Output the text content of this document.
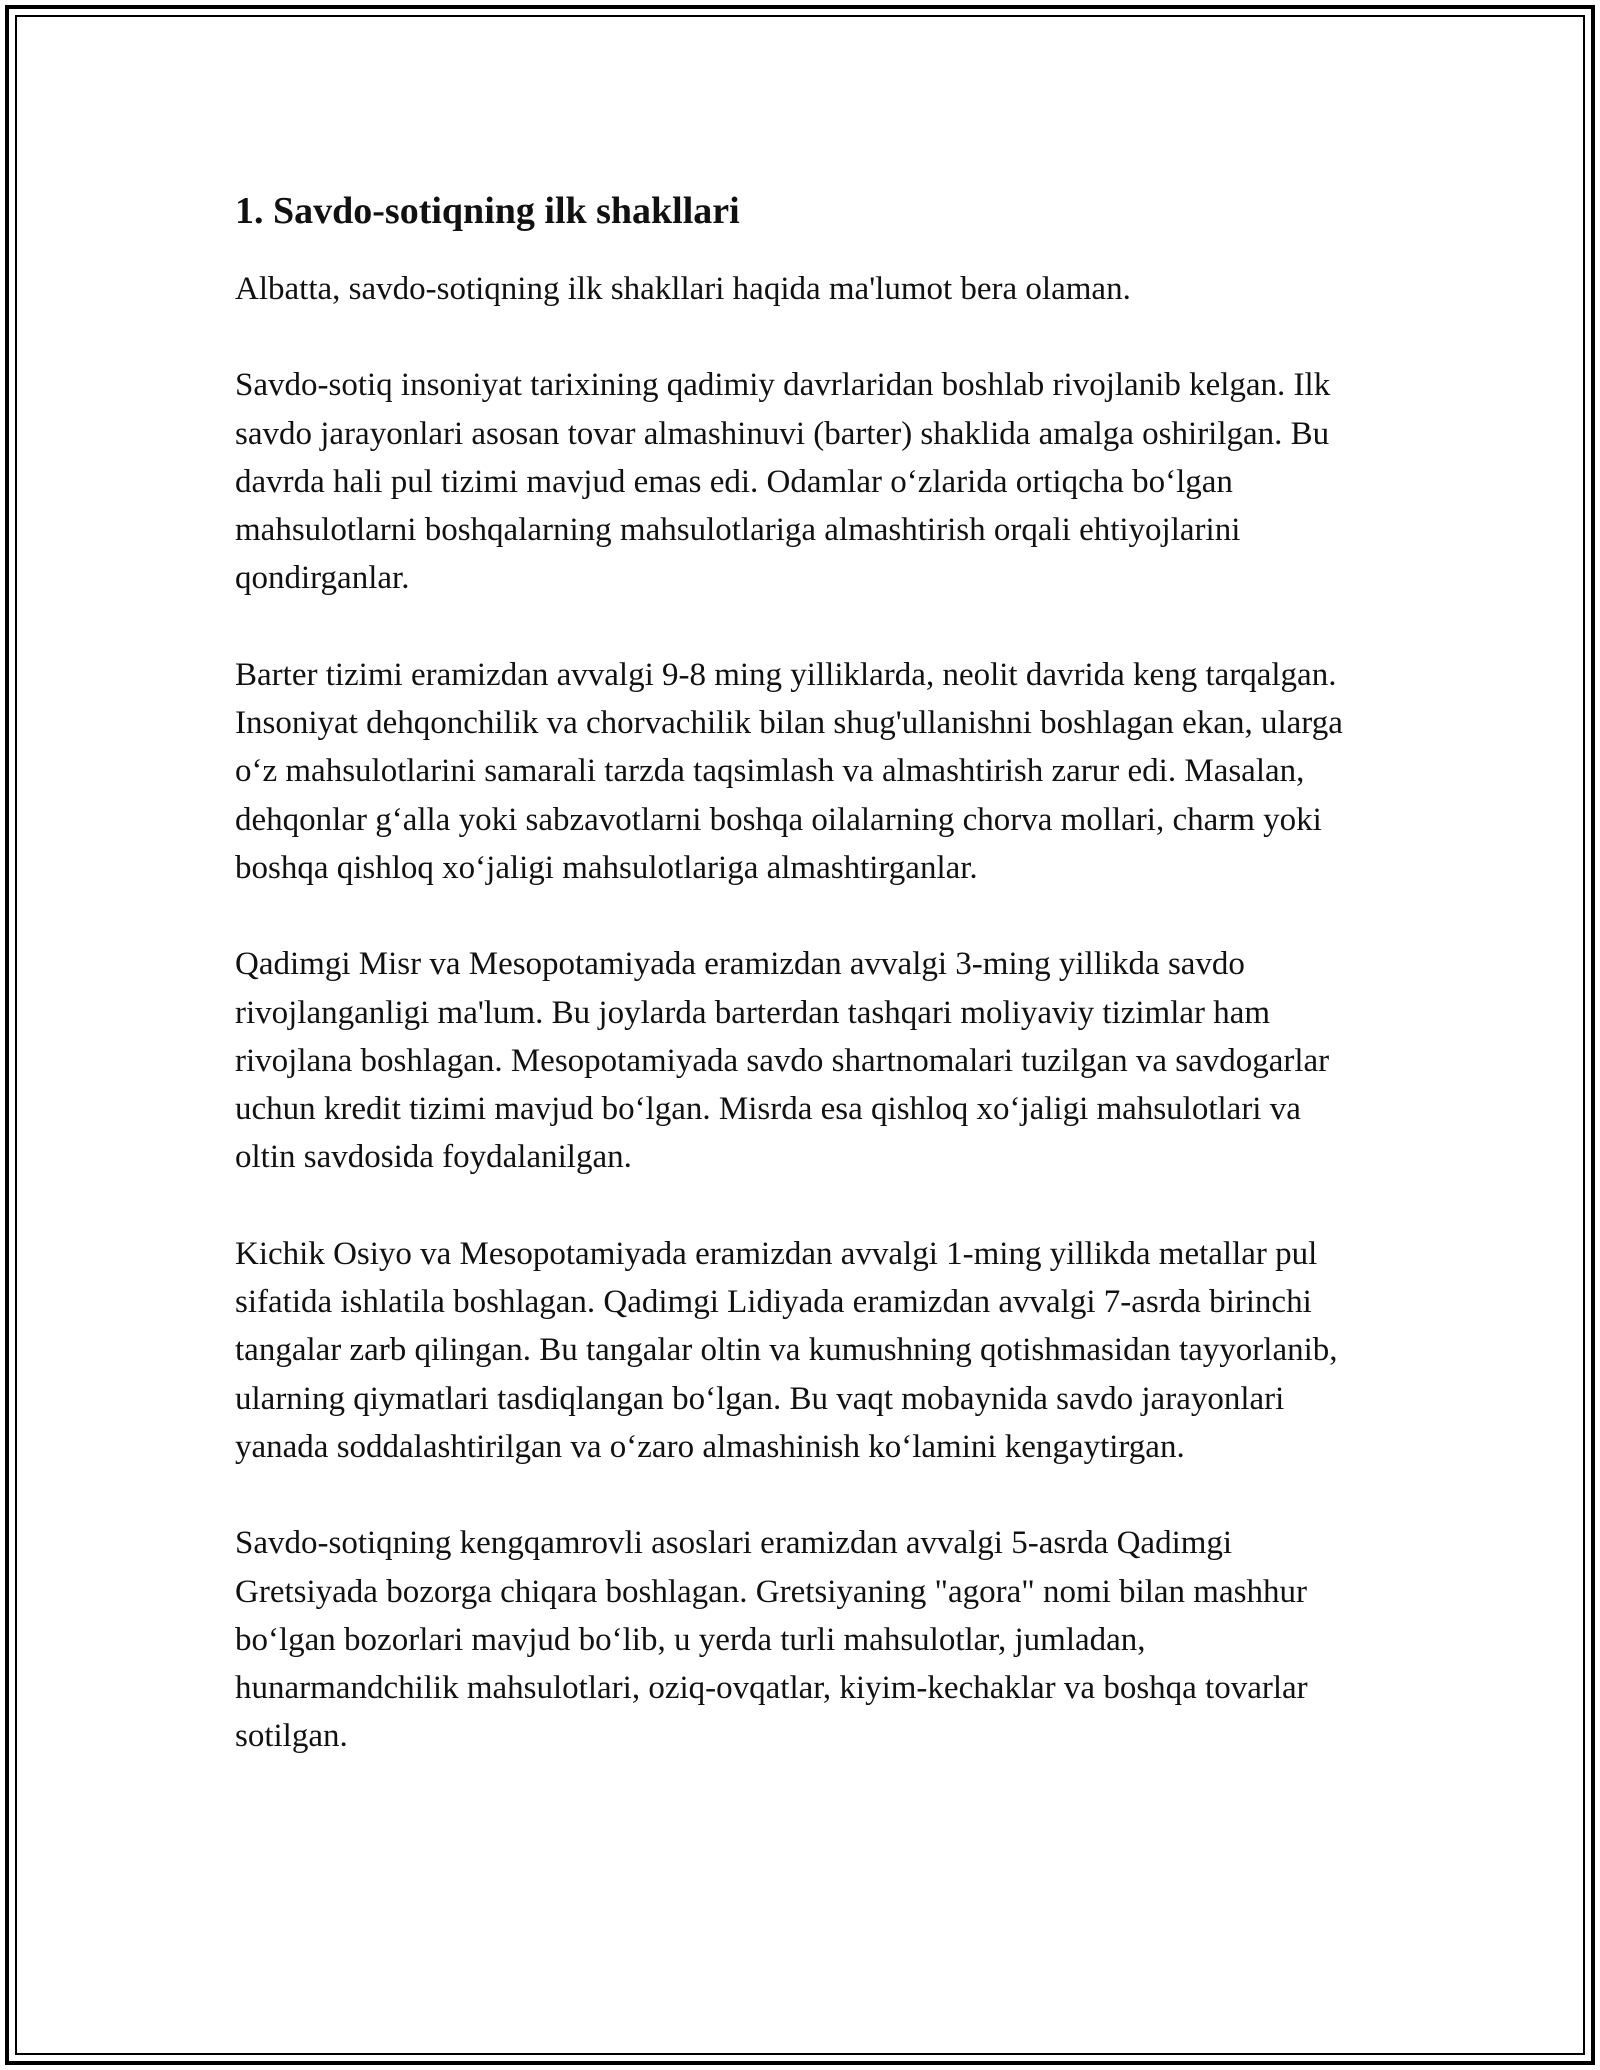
1. Savdo-sotiqning ilk shakllari

Albatta, savdo-sotiqning ilk shakllari haqida ma'lumot bera olaman.

Savdo-sotiq insoniyat tarixining qadimiy davrlaridan boshlab rivojlanib kelgan. Ilk savdo jarayonlari asosan tovar almashinuvi (barter) shaklida amalga oshirilgan. Bu davrda hali pul tizimi mavjud emas edi. Odamlar oʻzlarida ortiqcha boʻlgan mahsulotlarni boshqalarning mahsulotlariga almashtirish orqali ehtiyojlarini qondirganlar.

Barter tizimi eramizdan avvalgi 9-8 ming yilliklarda, neolit davrida keng tarqalgan. Insoniyat dehqonchilik va chorvachilik bilan shug'ullanishni boshlagan ekan, ularga oʻz mahsulotlarini samarali tarzda taqsimlash va almashtirish zarur edi. Masalan, dehqonlar gʻalla yoki sabzavotlarni boshqa oilalarning chorva mollari, charm yoki boshqa qishloq xoʻjaligi mahsulotlariga almashtirganlar.

Qadimgi Misr va Mesopotamiyada eramizdan avvalgi 3-ming yillikda savdo rivojlanganligi ma'lum. Bu joylarda barterdan tashqari moliyaviy tizimlar ham rivojlana boshlagan. Mesopotamiyada savdo shartnomalari tuzilgan va savdogarlar uchun kredit tizimi mavjud boʻlgan. Misrda esa qishloq xoʻjaligi mahsulotlari va oltin savdosida foydalanilgan.

Kichik Osiyo va Mesopotamiyada eramizdan avvalgi 1-ming yillikda metallar pul sifatida ishlatila boshlagan. Qadimgi Lidiyada eramizdan avvalgi 7-asrda birinchi tangalar zarb qilingan. Bu tangalar oltin va kumushning qotishmasidan tayyorlanib, ularning qiymatlari tasdiqlangan boʻlgan. Bu vaqt mobaynida savdo jarayonlari yanada soddalashtirilgan va oʻzaro almashinish koʻlamini kengaytirgan.

Savdo-sotiqning kengqamrovli asoslari eramizdan avvalgi 5-asrda Qadimgi Gretsiyada bozorga chiqara boshlagan. Gretsiyaning "agora" nomi bilan mashhur boʻlgan bozorlari mavjud boʻlib, u yerda turli mahsulotlar, jumladan, hunarmandchilik mahsulotlari, oziq-ovqatlar, kiyim-kechaklar va boshqa tovarlar sotilgan.
